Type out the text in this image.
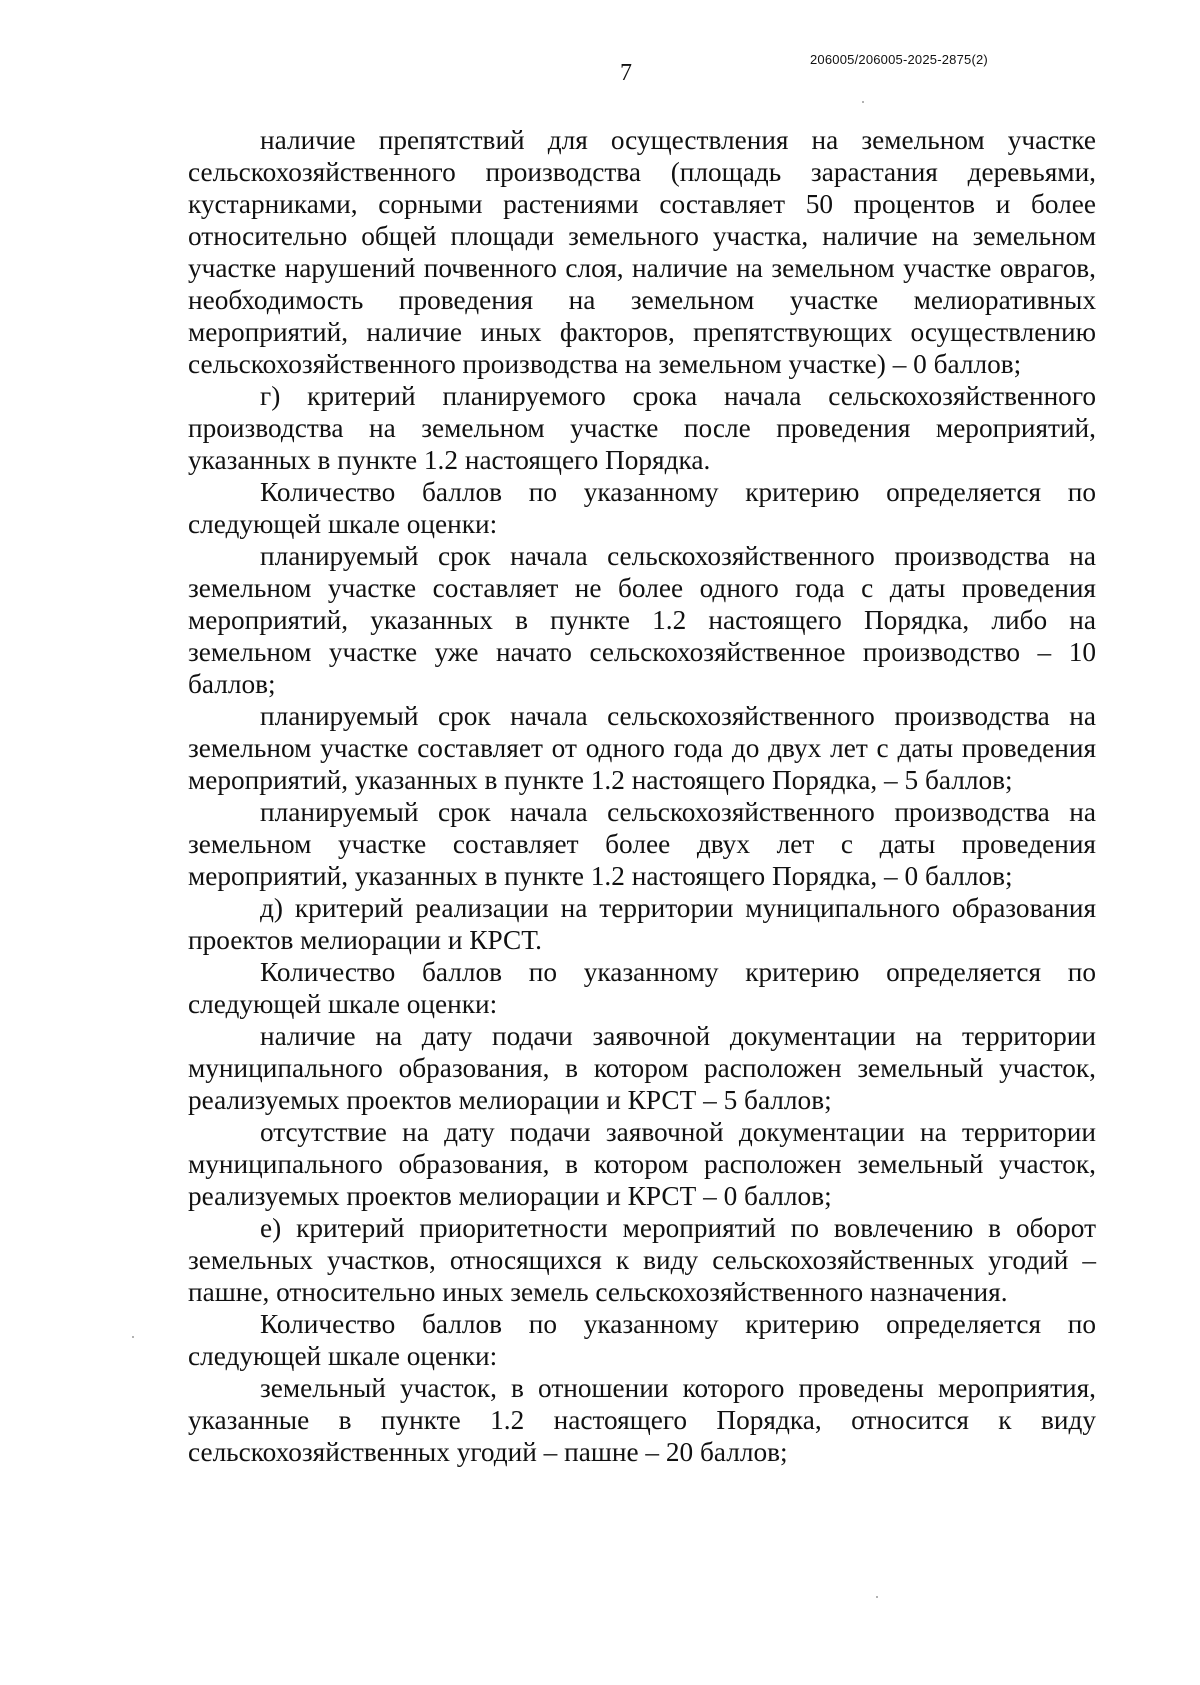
7
206005/206005-2025-2875(2)

наличие препятствий для осуществления на земельном участке сельскохозяйственного производства (площадь зарастания деревьями, кустарниками, сорными растениями составляет 50 процентов и более относительно общей площади земельного участка, наличие на земельном участке нарушений почвенного слоя, наличие на земельном участке оврагов, необходимость проведения на земельном участке мелиоративных мероприятий, наличие иных факторов, препятствующих осуществлению сельскохозяйственного производства на земельном участке) – 0 баллов;

г) критерий планируемого срока начала сельскохозяйственного производства на земельном участке после проведения мероприятий, указанных в пункте 1.2 настоящего Порядка.

Количество баллов по указанному критерию определяется по следующей шкале оценки:

планируемый срок начала сельскохозяйственного производства на земельном участке составляет не более одного года с даты проведения мероприятий, указанных в пункте 1.2 настоящего Порядка, либо на земельном участке уже начато сельскохозяйственное производство – 10 баллов;

планируемый срок начала сельскохозяйственного производства на земельном участке составляет от одного года до двух лет с даты проведения мероприятий, указанных в пункте 1.2 настоящего Порядка, – 5 баллов;

планируемый срок начала сельскохозяйственного производства на земельном участке составляет более двух лет с даты проведения мероприятий, указанных в пункте 1.2 настоящего Порядка, – 0 баллов;

д) критерий реализации на территории муниципального образования проектов мелиорации и КРСТ.

Количество баллов по указанному критерию определяется по следующей шкале оценки:

наличие на дату подачи заявочной документации на территории муниципального образования, в котором расположен земельный участок, реализуемых проектов мелиорации и КРСТ – 5 баллов;

отсутствие на дату подачи заявочной документации на территории муниципального образования, в котором расположен земельный участок, реализуемых проектов мелиорации и КРСТ – 0 баллов;

е) критерий приоритетности мероприятий по вовлечению в оборот земельных участков, относящихся к виду сельскохозяйственных угодий – пашне, относительно иных земель сельскохозяйственного назначения.

Количество баллов по указанному критерию определяется по следующей шкале оценки:

земельный участок, в отношении которого проведены мероприятия, указанные в пункте 1.2 настоящего Порядка, относится к виду сельскохозяйственных угодий – пашне – 20 баллов;
